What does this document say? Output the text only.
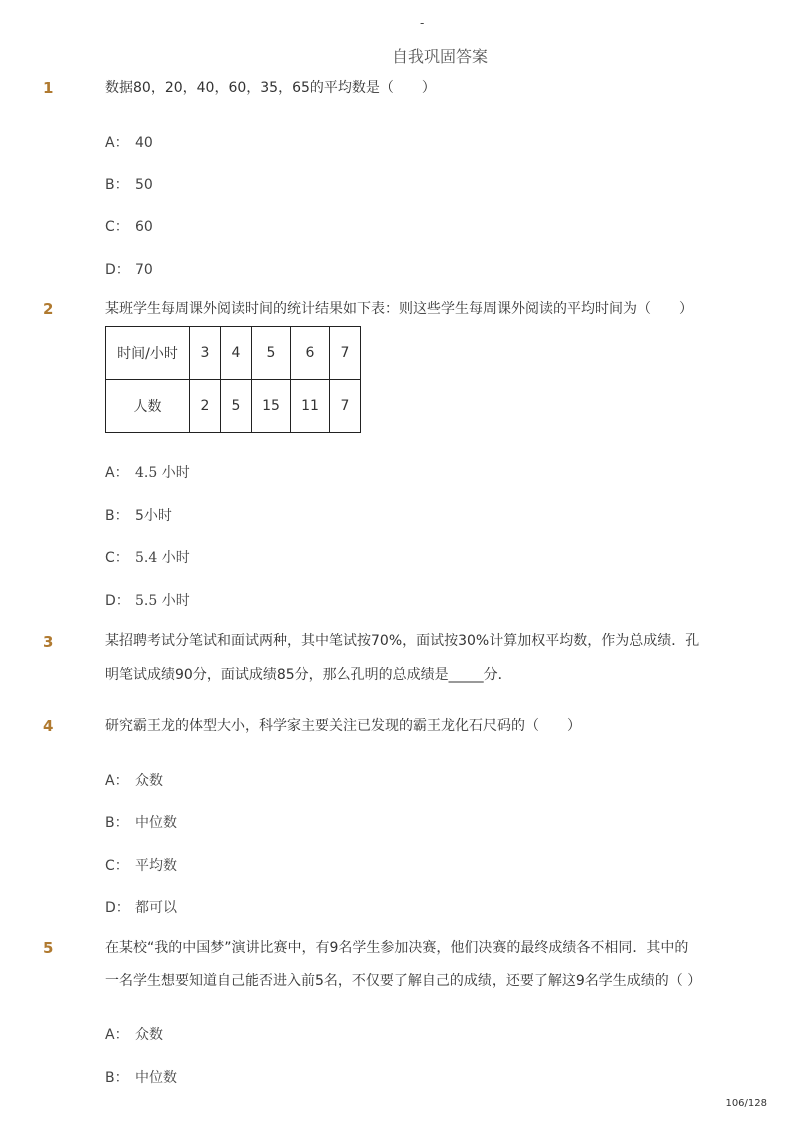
-
自我巩固答案
1	数据80，20，40，60，35，65的平均数是（　　）
A： 40
B： 50
C： 60
D： 70
2	某班学生每周课外阅读时间的统计结果如下表：则这些学生每周课外阅读的平均时间为（　　）
时间/小时	3	4	5	6	7
人数	2	5	15	11	7
A： 4.5 小时
B： 5小时
C： 5.4 小时
D： 5.5 小时
3	某招聘考试分笔试和面试两种，其中笔试按70%，面试按30%计算加权平均数，作为总成绩．孔
明笔试成绩90分，面试成绩85分，那么孔明的总成绩是_____分．
4	研究霸王龙的体型大小，科学家主要关注已发现的霸王龙化石尺码的（　　）
A： 众数
B： 中位数
C： 平均数
D： 都可以
5	在某校“我的中国梦”演讲比赛中，有9名学生参加决赛，他们决赛的最终成绩各不相同．其中的
一名学生想要知道自己能否进入前5名，不仅要了解自己的成绩，还要了解这9名学生成绩的（ ）
A： 众数
B： 中位数
106/128
